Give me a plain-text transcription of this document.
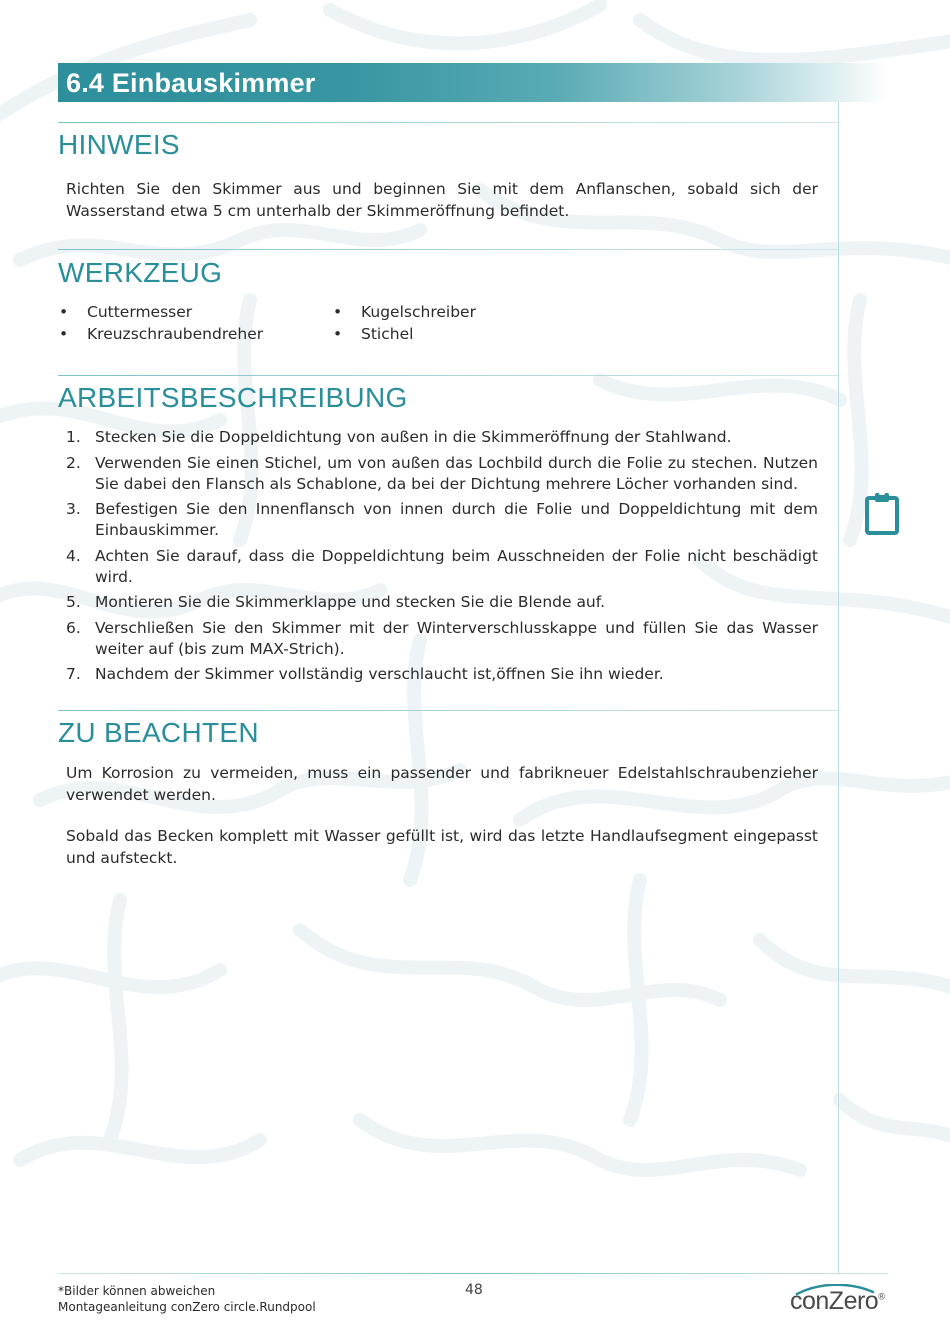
6.4 Einbauskimmer
HINWEIS
Richten Sie den Skimmer aus und beginnen Sie mit dem Anflanschen, sobald sich der Wasserstand etwa 5 cm unterhalb der Skimmeröffnung befindet.
WERKZEUG
• Cuttermesser
• Kreuzschraubendreher
• Kugelschreiber
• Stichel
ARBEITSBESCHREIBUNG
1. Stecken Sie die Doppeldichtung von außen in die Skimmeröffnung der Stahlwand.
2. Verwenden Sie einen Stichel, um von außen das Lochbild durch die Folie zu stechen. Nutzen Sie dabei den Flansch als Schablone, da bei der Dichtung mehrere Löcher vorhanden sind.
3. Befestigen Sie den Innenflansch von innen durch die Folie und Doppeldichtung mit dem Einbauskimmer.
4. Achten Sie darauf, dass die Doppeldichtung beim Ausschneiden der Folie nicht beschädigt wird.
5. Montieren Sie die Skimmerklappe und stecken Sie die Blende auf.
6. Verschließen Sie den Skimmer mit der Winterverschlusskappe und füllen Sie das Wasser weiter auf (bis zum MAX-Strich).
7. Nachdem der Skimmer vollständig verschlaucht ist,öffnen Sie ihn wieder.
ZU BEACHTEN
Um Korrosion zu vermeiden, muss ein passender und fabrikneuer Edelstahlschraubenzieher verwendet werden.
Sobald das Becken komplett mit Wasser gefüllt ist, wird das letzte Handlaufsegment eingepasst und aufsteckt.
*Bilder können abweichen
Montageanleitung conZero circle.Rundpool
48	conZero®
